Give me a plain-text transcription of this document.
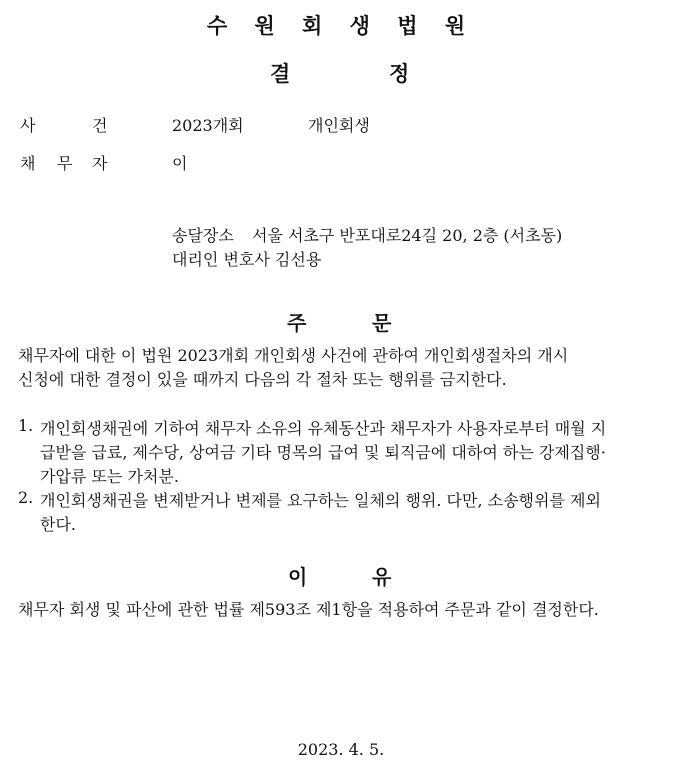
수 원 회 생 법 원
결	정
사	건	2023개회	개인회생
채 무 자	이
송달장소 서울 서초구 반포대로24길 20, 2층 (서초동)
대리인 변호사 김선용
주	문
채무자에 대한 이 법원 2023개회 개인회생 사건에 관하여 개인회생절차의 개시
신청에 대한 결정이 있을 때까지 다음의 각 절차 또는 행위를 금지한다.
1. 개인회생채권에 기하여 채무자 소유의 유체동산과 채무자가 사용자로부터 매월 지
급받을 급료, 제수당, 상여금 기타 명목의 급여 및 퇴직금에 대하여 하는 강제집행·
가압류 또는 가처분.
2. 개인회생채권을 변제받거나 변제를 요구하는 일체의 행위. 다만, 소송행위를 제외
한다.
이	유
채무자 회생 및 파산에 관한 법률 제593조 제1항을 적용하여 주문과 같이 결정한다.
2023. 4. 5.
